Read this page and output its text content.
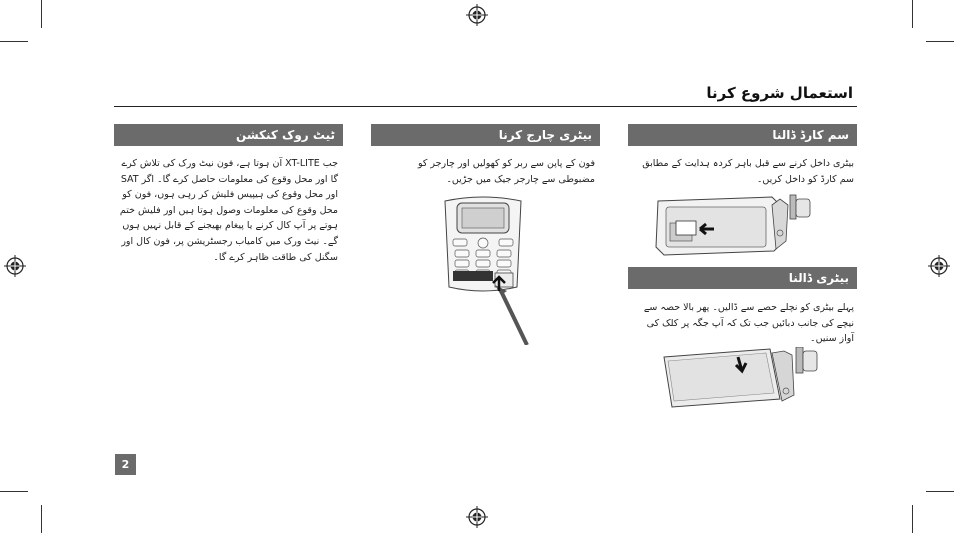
استعمال شروع کرنا
سم کارڈ ڈالنا
بیٹری چارج کرنا
ٹیٹ روک کنکشن
بیٹری ڈالنا
بیٹری داخل کرنے سے قبل باہر کردہ ہدایت کے مطابق سم کارڈ کو داخل کریں۔
فون کے پاپن سے ربر کو کھولیں اور چارجر کو مضبوطی سے چارجر جیک میں جڑیں۔
جب XT-LITE آن ہوتا ہے، فون نیٹ ورک کی تلاش کرے گا اور محل وقوع کی معلومات حاصل کرے گا۔ اگر SAT اور محل وقوع کی ہیپیس فلیش کر رہی ہوں، فون کو محل وقوع کی معلومات وصول ہوتا ہیں اور فلیش ختم ہوتے پر آپ کال کرنے یا پیغام بھیجنے کے قابل نہیں ہوں گے۔ نیٹ ورک میں کامیاب رجسٹریشن پر، فون کال اور سگنل کی طاقت ظاہر کرے گا۔
پہلے بیٹری کو نچلے حصے سے ڈالیں۔ پھر بالا حصہ سے نیچے کی جانب دبائیں جب تک کہ آپ جگہ پر کلک کی آواز سنیں۔
2
